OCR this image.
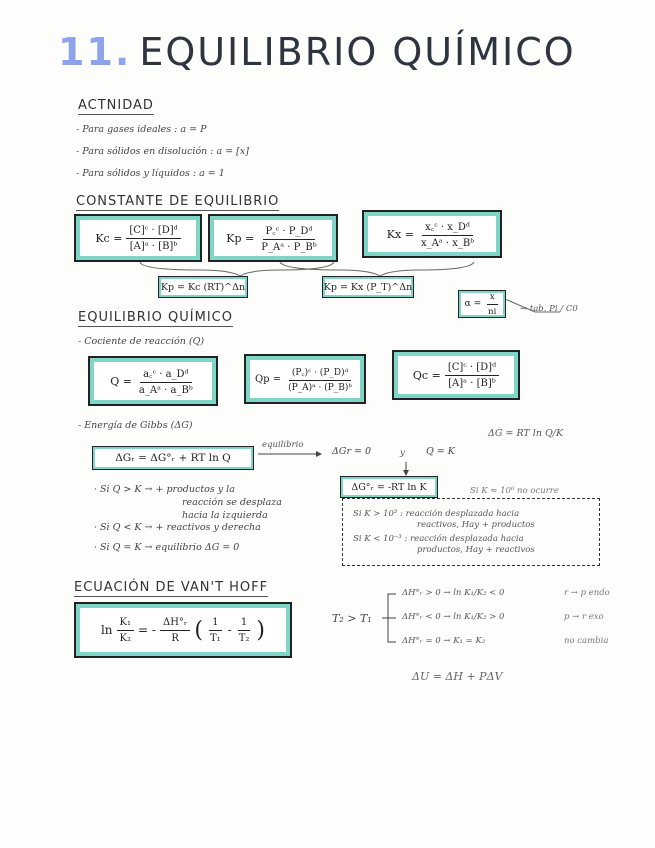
11. EQUILIBRIO QUÍMICO
ACTNIDAD
- Para gases ideales : a = P
- Para sólidos en disolución : a = [x]
- Para sólidos y líquidos : a = 1
CONSTANTE DE EQUILIBRIO
$Kc = \frac{\text{[C]ᶜ · [D]ᵈ}}{\text{[A]ᵃ · [B]ᵇ}}$	$Kp = \frac{\text{P꜀ᶜ · P\_Dᵈ}}{\text{P\_Aᵃ · P\_Bᵇ}}$	$Kx = \frac{\text{x꜀ᶜ · x\_Dᵈ}}{\text{x\_Aᵃ · x\_Bᵇ}}$
Kp = Kc (RT)^Δn	Kp = Kx (P_T)^Δn
$\alpha = \frac{x}{ni}$ → tab. Pi / C0
EQUILIBRIO QUÍMICO
- Cociente de reacción (Q)
$Q = \frac{\text{a꜀ᶜ · a\_Dᵈ}}{\text{a\_Aᵃ · a\_Bᵇ}}$	$Qp = \frac{\text{(P꜀)ᶜ · (P\_D)ᵈ}}{\text{(P\_A)ᵃ · (P\_B)ᵇ}}$	$Qc = \frac{\text{[C]ᶜ · [D]ᵈ}}{\text{[A]ᵃ · [B]ᵇ}}$
- Energía de Gibbs (ΔG)
ΔG = RT ln Q/K
ΔGᵣ = ΔG°ᵣ + RT ln Q
equilibrio
ΔGr = 0	y Q = K
ΔG°ᵣ = -RT ln K	Si K ≈ 10⁰ no ocurre
· Si Q > K → + productos y la
reacción se desplaza
hacia la izquierda
· Si Q < K → + reactivos y derecha
· Si Q = K → equilibrio ΔG = 0
Si K > 10³ : reacción desplazada hacia
reactivos, Hay + productos
Si K < 10⁻³ : reacción desplazada hacia
productos, Hay + reactivos
ECUACIÓN DE VAN'T HOFF
$\ln \frac{\text{K₁}}{\text{K₂}}$ = - $\frac{\text{ΔH°ᵣ}}{R}$ ( $\frac{1}{\text{T₁}} - \frac{1}{\text{T₂}}$ )	T₂ > T₁
ΔH°ᵣ > 0 → ln K₁/K₂ < 0	r → p endo
ΔH°ᵣ < 0 → ln K₁/K₂ > 0	p → r exo
ΔH°ᵣ = 0 → K₁ = K₂	no cambia
ΔU = ΔH + PΔV
